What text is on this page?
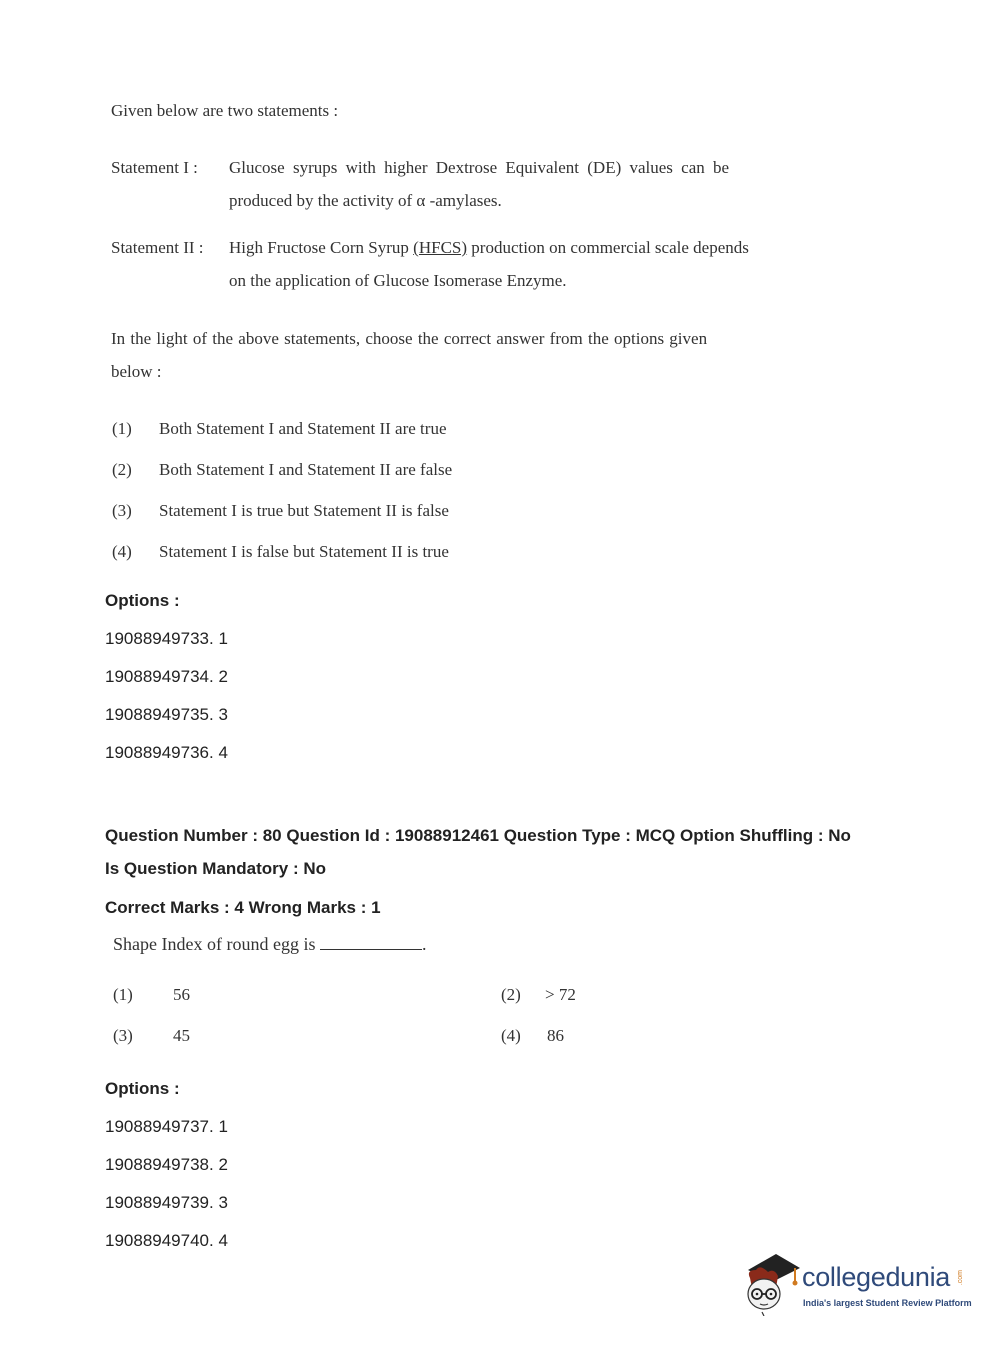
Given below are two statements :
Statement I : Glucose syrups with higher Dextrose Equivalent (DE) values can be
produced by the activity of α -amylases.
Statement II : High Fructose Corn Syrup (HFCS) production on commercial scale depends
on the application of Glucose Isomerase Enzyme.
In the light of the above statements, choose the correct answer from the options given
below :
(1) Both Statement I and Statement II are true
(2) Both Statement I and Statement II are false
(3) Statement I is true but Statement II is false
(4) Statement I is false but Statement II is true
Options :
19088949733. 1
19088949734. 2
19088949735. 3
19088949736. 4
Question Number : 80 Question Id : 19088912461 Question Type : MCQ Option Shuffling : No
Is Question Mandatory : No
Correct Marks : 4 Wrong Marks : 1
Shape Index of round egg is	.
(1) 56	(2) > 72
(3) 45	(4) 86
Options :
19088949737. 1
19088949738. 2
19088949739. 3
19088949740. 4
collegedunia .com
India's largest Student Review Platform
